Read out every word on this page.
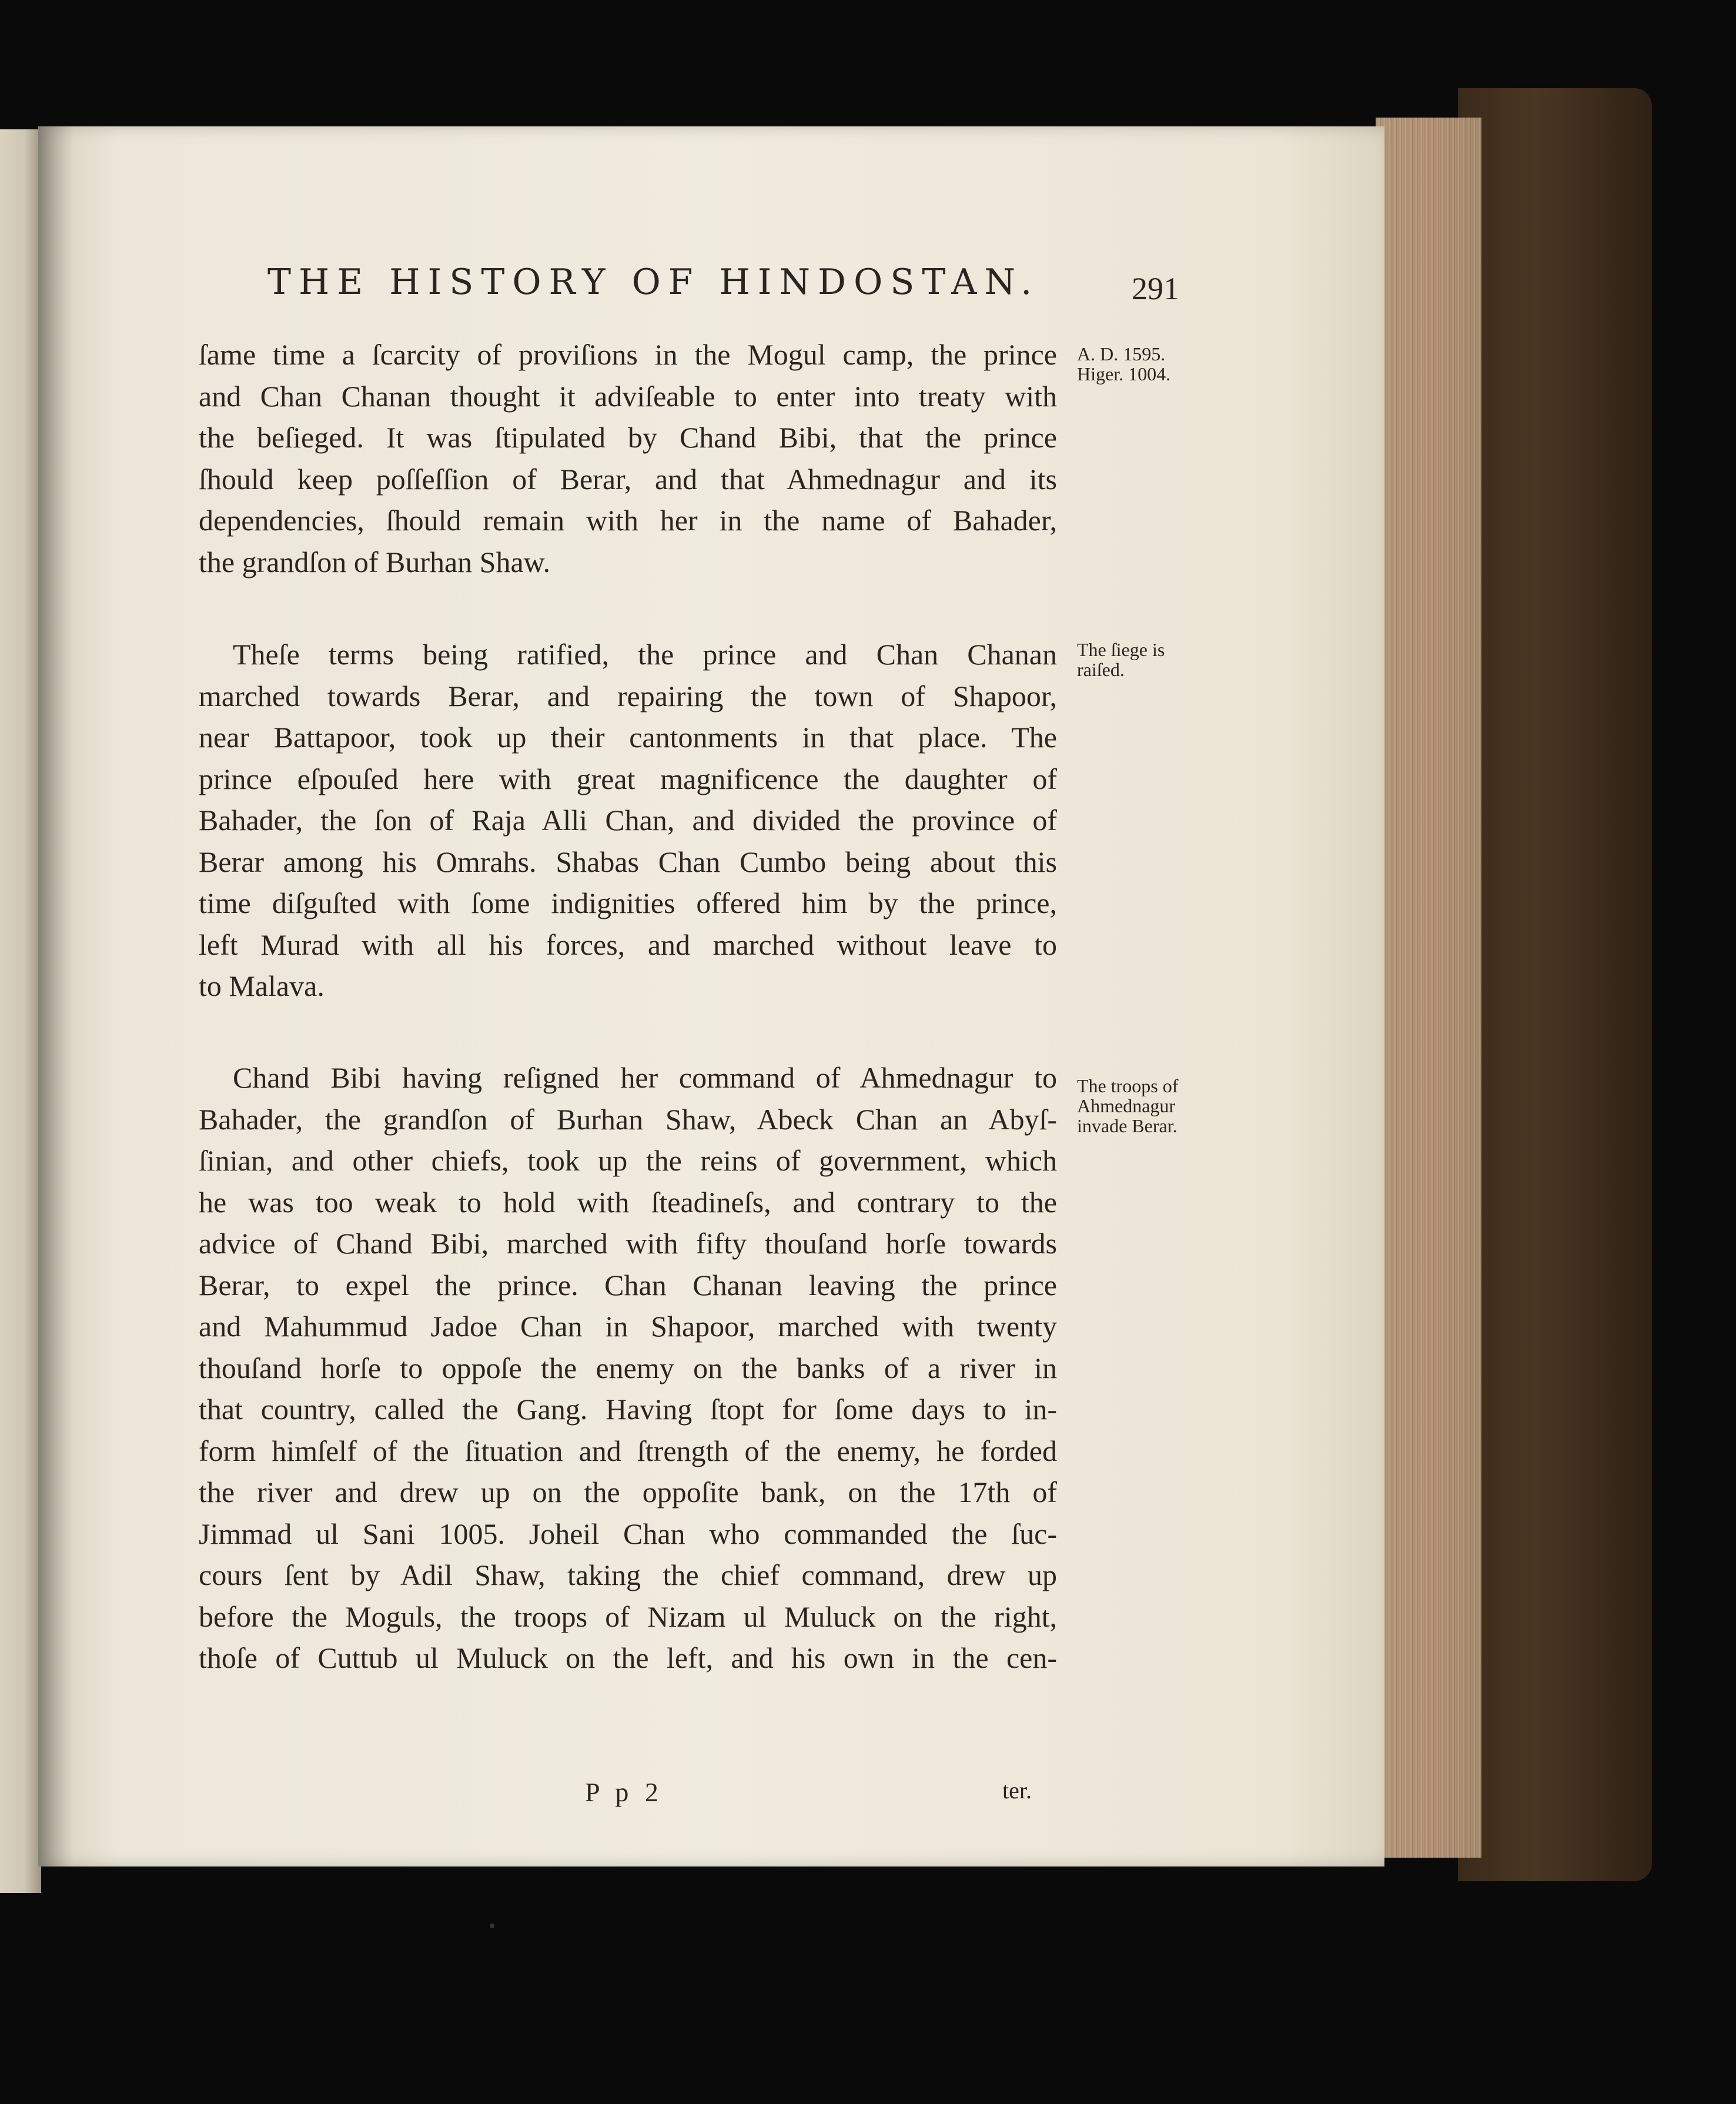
THE HISTORY OF HINDOSTAN.	291
ſame time a ſcarcity of proviſions in the Mogul camp, the prince
and Chan Chanan thought it adviſeable to enter into treaty with
the beſieged. It was ſtipulated by Chand Bibi, that the prince
ſhould keep poſſeſſion of Berar, and that Ahmednagur and its
dependencies, ſhould remain with her in the name of Bahader,
the grandſon of Burhan Shaw.
Theſe terms being ratified, the prince and Chan Chanan
marched towards Berar, and repairing the town of Shapoor,
near Battapoor, took up their cantonments in that place. The
prince eſpouſed here with great magnificence the daughter of
Bahader, the ſon of Raja Alli Chan, and divided the province of
Berar among his Omrahs. Shabas Chan Cumbo being about this
time diſguſted with ſome indignities offered him by the prince,
left Murad with all his forces, and marched without leave to
to Malava.
Chand Bibi having reſigned her command of Ahmednagur to
Bahader, the grandſon of Burhan Shaw, Abeck Chan an Abyſ-
ſinian, and other chiefs, took up the reins of government, which
he was too weak to hold with ſteadineſs, and contrary to the
advice of Chand Bibi, marched with fifty thouſand horſe towards
Berar, to expel the prince. Chan Chanan leaving the prince
and Mahummud Jadoe Chan in Shapoor, marched with twenty
thouſand horſe to oppoſe the enemy on the banks of a river in
that country, called the Gang. Having ſtopt for ſome days to in-
form himſelf of the ſituation and ſtrength of the enemy, he forded
the river and drew up on the oppoſite bank, on the 17th of
Jimmad ul Sani 1005. Joheil Chan who commanded the ſuc-
cours ſent by Adil Shaw, taking the chief command, drew up
before the Moguls, the troops of Nizam ul Muluck on the right,
thoſe of Cuttub ul Muluck on the left, and his own in the cen-
A. D. 1595.
Higer. 1004.
The ſiege is
raiſed.
The troops of
Ahmednagur
invade Berar.
P p 2	ter.
